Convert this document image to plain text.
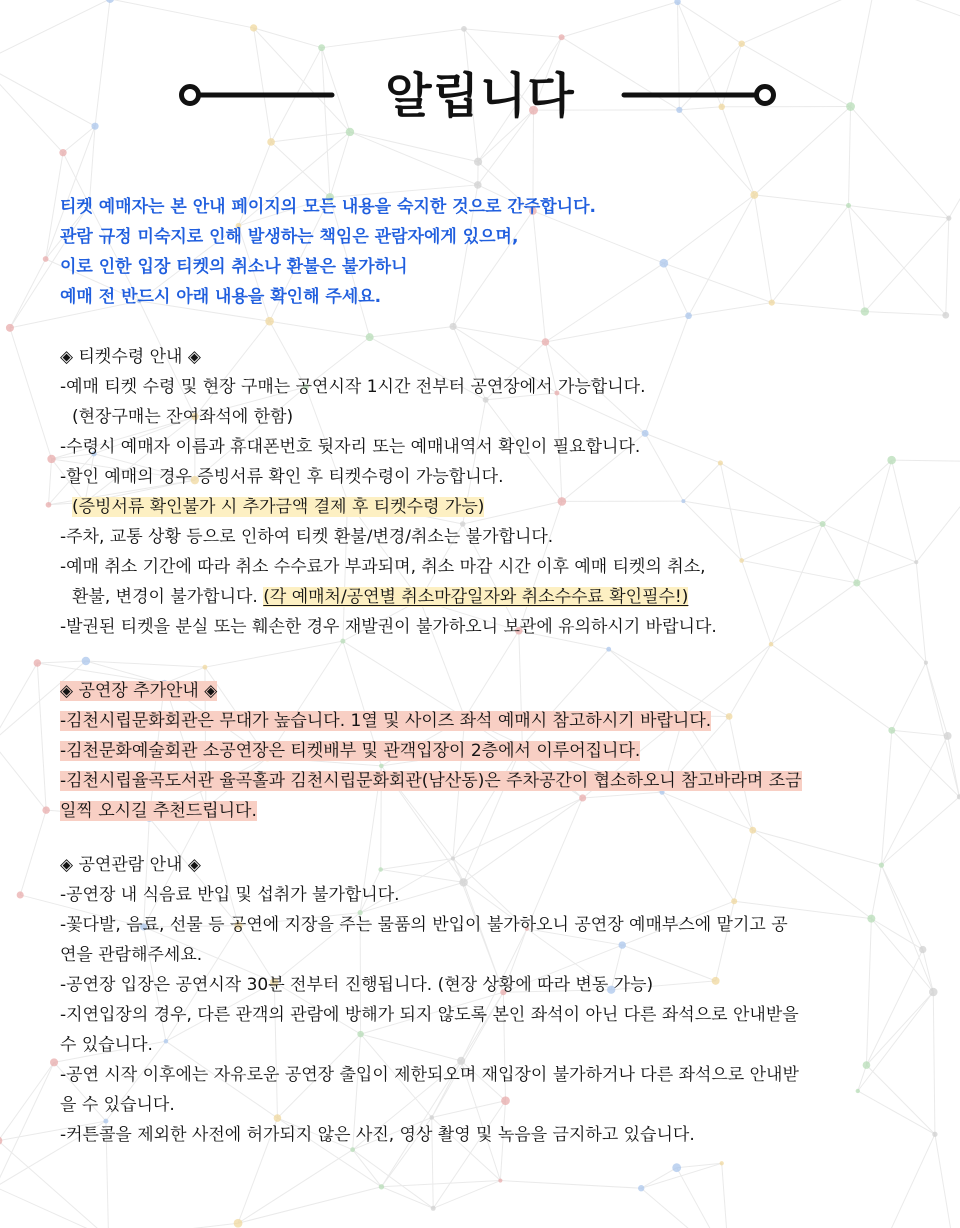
알립니다
티켓 예매자는 본 안내 페이지의 모든 내용을 숙지한 것으로 간주합니다.
관람 규정 미숙지로 인해 발생하는 책임은 관람자에게 있으며,
이로 인한 입장 티켓의 취소나 환불은 불가하니
예매 전 반드시 아래 내용을 확인해 주세요.
◈ 티켓수령 안내 ◈
-예매 티켓 수령 및 현장 구매는 공연시작 1시간 전부터 공연장에서 가능합니다.
(현장구매는 잔여좌석에 한함)
-수령시 예매자 이름과 휴대폰번호 뒷자리 또는 예매내역서 확인이 필요합니다.
-할인 예매의 경우 증빙서류 확인 후 티켓수령이 가능합니다.
(증빙서류 확인불가 시 추가금액 결제 후 티켓수령 가능)
-주차, 교통 상황 등으로 인하여 티켓 환불/변경/취소는 불가합니다.
-예매 취소 기간에 따라 취소 수수료가 부과되며, 취소 마감 시간 이후 예매 티켓의 취소,
환불, 변경이 불가합니다. (각 예매처/공연별 취소마감일자와 취소수수료 확인필수!)
-발권된 티켓을 분실 또는 훼손한 경우 재발권이 불가하오니 보관에 유의하시기 바랍니다.
◈ 공연장 추가안내 ◈
-김천시립문화회관은 무대가 높습니다. 1열 및 사이즈 좌석 예매시 참고하시기 바랍니다.
-김천문화예술회관 소공연장은 티켓배부 및 관객입장이 2층에서 이루어집니다.
-김천시립율곡도서관 율곡홀과 김천시립문화회관(남산동)은 주차공간이 협소하오니 참고바라며 조금
일찍 오시길 추천드립니다.
◈ 공연관람 안내 ◈
-공연장 내 식음료 반입 및 섭취가 불가합니다.
-꽃다발, 음료, 선물 등 공연에 지장을 주는 물품의 반입이 불가하오니 공연장 예매부스에 맡기고 공
연을 관람해주세요.
-공연장 입장은 공연시작 30분 전부터 진행됩니다. (현장 상황에 따라 변동 가능)
-지연입장의 경우, 다른 관객의 관람에 방해가 되지 않도록 본인 좌석이 아닌 다른 좌석으로 안내받을
수 있습니다.
-공연 시작 이후에는 자유로운 공연장 출입이 제한되오며 재입장이 불가하거나 다른 좌석으로 안내받
을 수 있습니다.
-커튼콜을 제외한 사전에 허가되지 않은 사진, 영상 촬영 및 녹음을 금지하고 있습니다.
